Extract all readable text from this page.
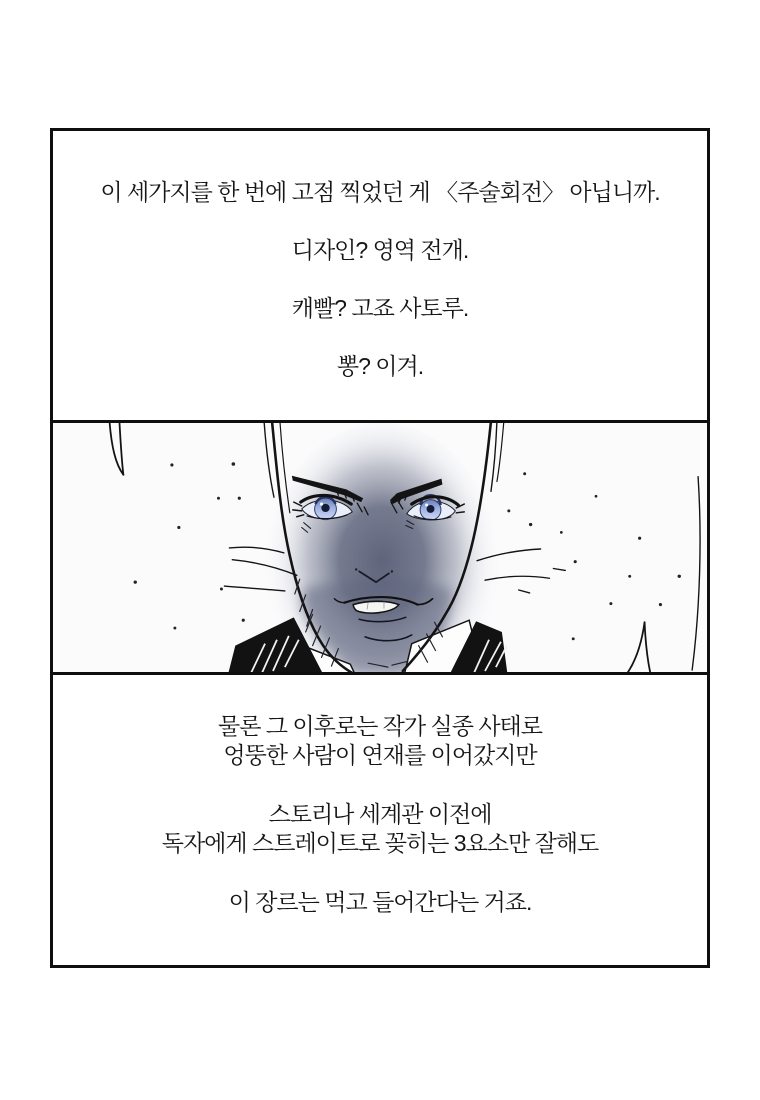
이 세가지를 한 번에 고점 찍었던 게 〈주술회전〉 아닙니까.
디자인? 영역 전개.
캐빨? 고죠 사토루.
뽕? 이겨.
물론 그 이후로는 작가 실종 사태로
엉뚱한 사람이 연재를 이어갔지만
스토리나 세계관 이전에
독자에게 스트레이트로 꽂히는 3요소만 잘해도
이 장르는 먹고 들어간다는 거죠.
